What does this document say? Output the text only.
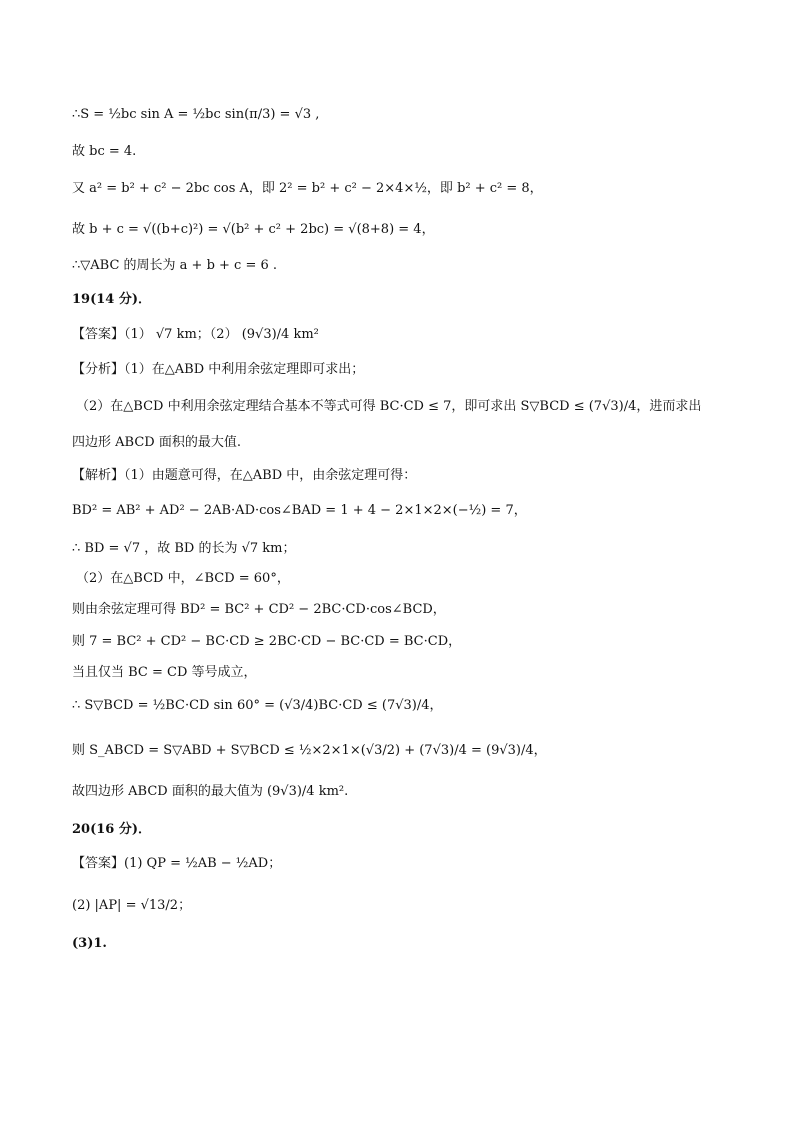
∴S = ½bc sin A = ½bc sin(π/3) = √3 ,
故 bc = 4.
又 a² = b² + c² − 2bc cos A，即 2² = b² + c² − 2×4×½，即 b² + c² = 8，
故 b + c = √((b+c)²) = √(b² + c² + 2bc) = √(8+8) = 4，
∴▽ABC 的周长为 a + b + c = 6 .
19(14 分)．
【答案】（1） √7 km；（2） (9√3)/4 km²
【分析】（1）在△ABD 中利用余弦定理即可求出；
（2）在△BCD 中利用余弦定理结合基本不等式可得 BC·CD ≤ 7，即可求出 S▽BCD ≤ (7√3)/4，进而求出
四边形 ABCD 面积的最大值.
【解析】（1）由题意可得，在△ABD 中，由余弦定理可得：
BD² = AB² + AD² − 2AB·AD·cos∠BAD = 1 + 4 − 2×1×2×(−½) = 7，
∴ BD = √7 ，故 BD 的长为 √7 km；
（2）在△BCD 中，∠BCD = 60°，
则由余弦定理可得 BD² = BC² + CD² − 2BC·CD·cos∠BCD，
则 7 = BC² + CD² − BC·CD ≥ 2BC·CD − BC·CD = BC·CD，
当且仅当 BC = CD 等号成立，
∴ S▽BCD = ½BC·CD sin 60° = (√3/4)BC·CD ≤ (7√3)/4，
则 S_ABCD = S▽ABD + S▽BCD ≤ ½×2×1×(√3/2) + (7√3)/4 = (9√3)/4，
故四边形 ABCD 面积的最大值为 (9√3)/4 km².
20(16 分)．
【答案】(1) QP = ½AB − ½AD；
(2) |AP| = √13/2；
(3)1.
